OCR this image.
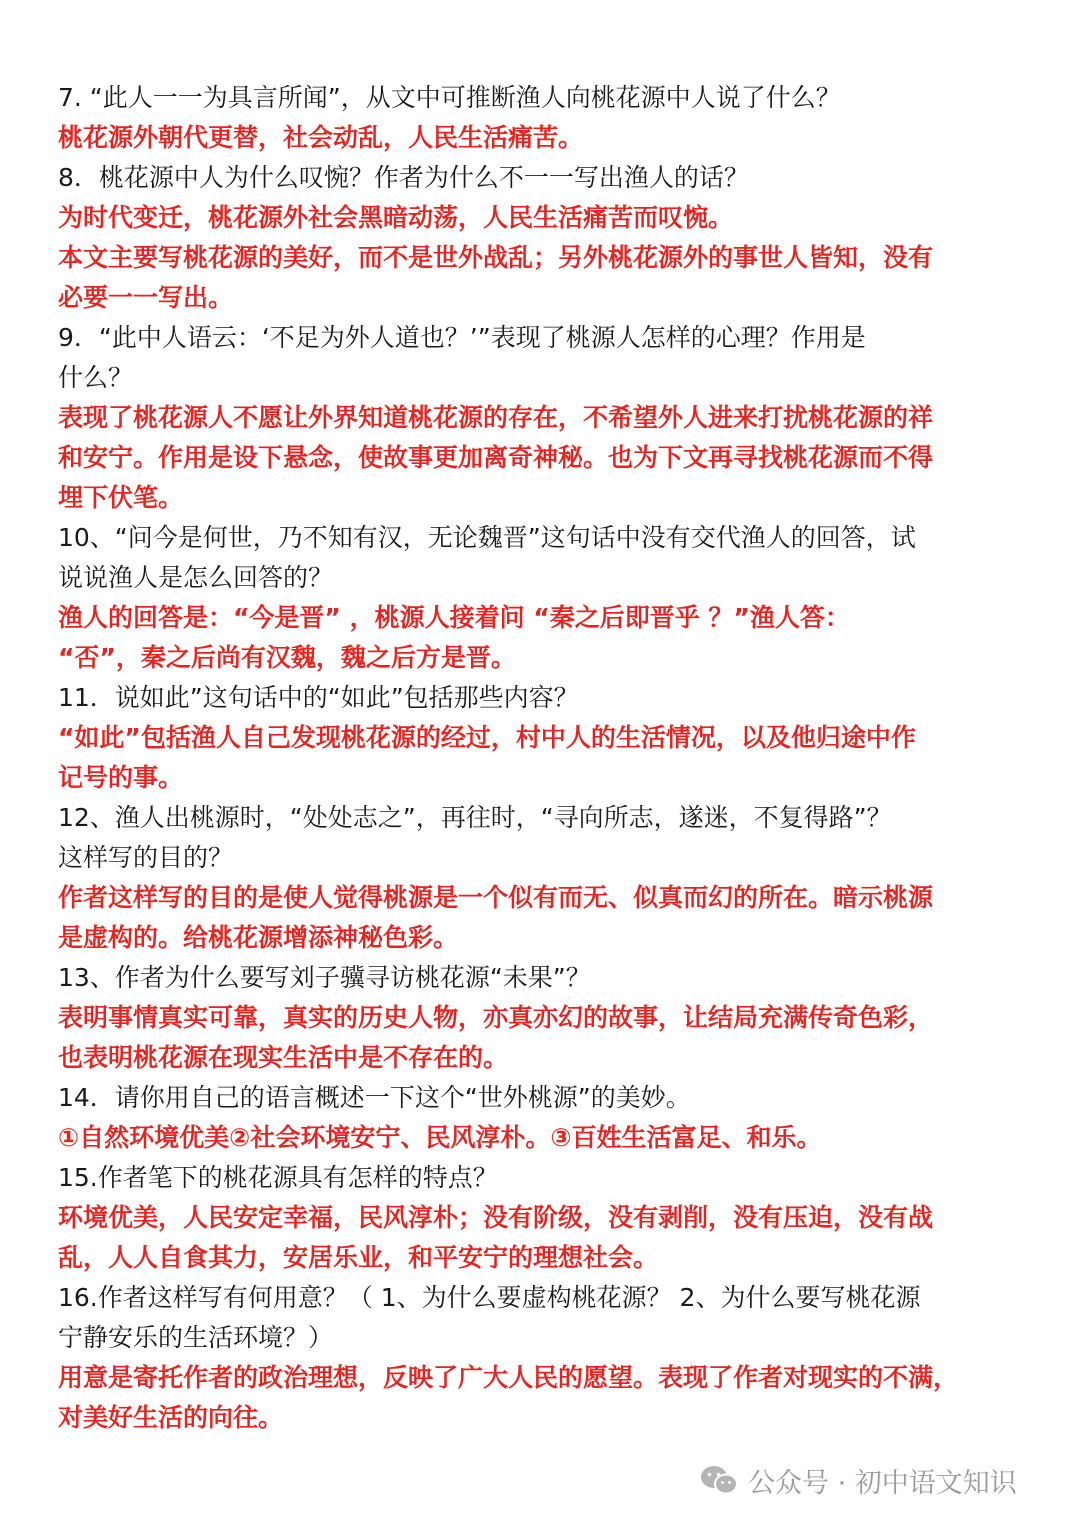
7. “此人一一为具言所闻”，从文中可推断渔人向桃花源中人说了什么？
桃花源外朝代更替，社会动乱，人民生活痛苦。
8．桃花源中人为什么叹惋？作者为什么不一一写出渔人的话？
为时代变迁，桃花源外社会黑暗动荡，人民生活痛苦而叹惋。
本文主要写桃花源的美好，而不是世外战乱；另外桃花源外的事世人皆知，没有
必要一一写出。
9．“此中人语云：‘不足为外人道也？’”表现了桃源人怎样的心理？作用是
什么？
表现了桃花源人不愿让外界知道桃花源的存在，不希望外人进来打扰桃花源的祥
和安宁。作用是设下悬念，使故事更加离奇神秘。也为下文再寻找桃花源而不得
埋下伏笔。
10、“问今是何世，乃不知有汉，无论魏晋”这句话中没有交代渔人的回答，试
说说渔人是怎么回答的？
渔人的回答是：“今是晋” ，桃源人接着问 “秦之后即晋乎 ？”渔人答：
“否”，秦之后尚有汉魏，魏之后方是晋。
11．说如此”这句话中的“如此”包括那些内容？
“如此”包括渔人自己发现桃花源的经过，村中人的生活情况，以及他归途中作
记号的事。
12、渔人出桃源时，“处处志之”，再往时，“寻向所志，遂迷，不复得路”？
这样写的目的？
作者这样写的目的是使人觉得桃源是一个似有而无、似真而幻的所在。暗示桃源
是虚构的。给桃花源增添神秘色彩。
13、作者为什么要写刘子骥寻访桃花源“未果”？
表明事情真实可靠，真实的历史人物，亦真亦幻的故事，让结局充满传奇色彩，
也表明桃花源在现实生活中是不存在的。
14．请你用自己的语言概述一下这个“世外桃源”的美妙。
①自然环境优美②社会环境安宁、民风淳朴。③百姓生活富足、和乐。
15.作者笔下的桃花源具有怎样的特点？
环境优美，人民安定幸福，民风淳朴；没有阶级，没有剥削，没有压迫，没有战
乱，人人自食其力，安居乐业，和平安宁的理想社会。
16.作者这样写有何用意？（ 1、为什么要虚构桃花源？ 2、为什么要写桃花源
宁静安乐的生活环境？）
用意是寄托作者的政治理想，反映了广大人民的愿望。表现了作者对现实的不满，
对美好生活的向往。
公众号 · 初中语文知识
